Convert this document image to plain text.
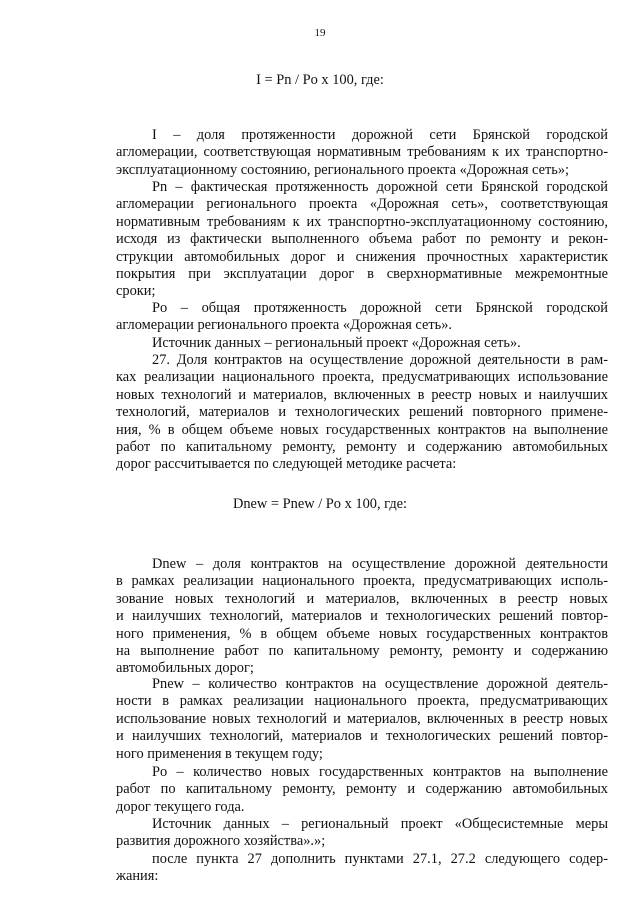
19
I = Pn / Po x 100, где:
I  –  доля  протяженности  дорожной  сети  Брянской  городской
агломерации, соответствующая нормативным требованиям к их транспортно-
эксплуатационному состоянию, регионального проекта «Дорожная сеть»;
Pn – фактическая протяженность дорожной сети Брянской городской
агломерации регионального проекта «Дорожная сеть», соответствующая
нормативным требованиям к их транспортно-эксплуатационному состоянию,
исходя из фактически выполненного объема работ по ремонту и рекон-
струкции автомобильных дорог и снижения прочностных характеристик
покрытия при эксплуатации дорог в сверхнормативные межремонтные
сроки;
Po – общая протяженность дорожной сети Брянской городской
агломерации регионального проекта «Дорожная сеть».
Источник данных – региональный проект «Дорожная сеть».
27. Доля контрактов на осуществление дорожной деятельности в рам-
ках реализации национального проекта, предусматривающих использование
новых технологий и материалов, включенных в реестр новых и наилучших
технологий, материалов и технологических решений повторного примене-
ния, % в общем объеме новых государственных контрактов на выполнение
работ по капитальному ремонту, ремонту и содержанию автомобильных
дорог рассчитывается по следующей методике расчета:
Dnew = Pnew / Po x 100, где:
Dnew – доля контрактов на осуществление дорожной деятельности
в рамках реализации национального проекта, предусматривающих исполь-
зование новых технологий и материалов, включенных в реестр новых
и наилучших технологий, материалов и технологических решений повтор-
ного применения, % в общем объеме новых государственных контрактов
на выполнение работ по капитальному ремонту, ремонту и содержанию
автомобильных дорог;
Pnew – количество контрактов на осуществление дорожной деятель-
ности в рамках реализации национального проекта, предусматривающих
использование новых технологий и материалов, включенных в реестр новых
и наилучших технологий, материалов и технологических решений повтор-
ного применения в текущем году;
Po – количество новых государственных контрактов на выполнение
работ по капитальному ремонту, ремонту и содержанию автомобильных
дорог текущего года.
Источник данных – региональный проект «Общесистемные меры
развития дорожного хозяйства».»;
после пункта 27 дополнить пунктами 27.1, 27.2 следующего содер-
жания:
